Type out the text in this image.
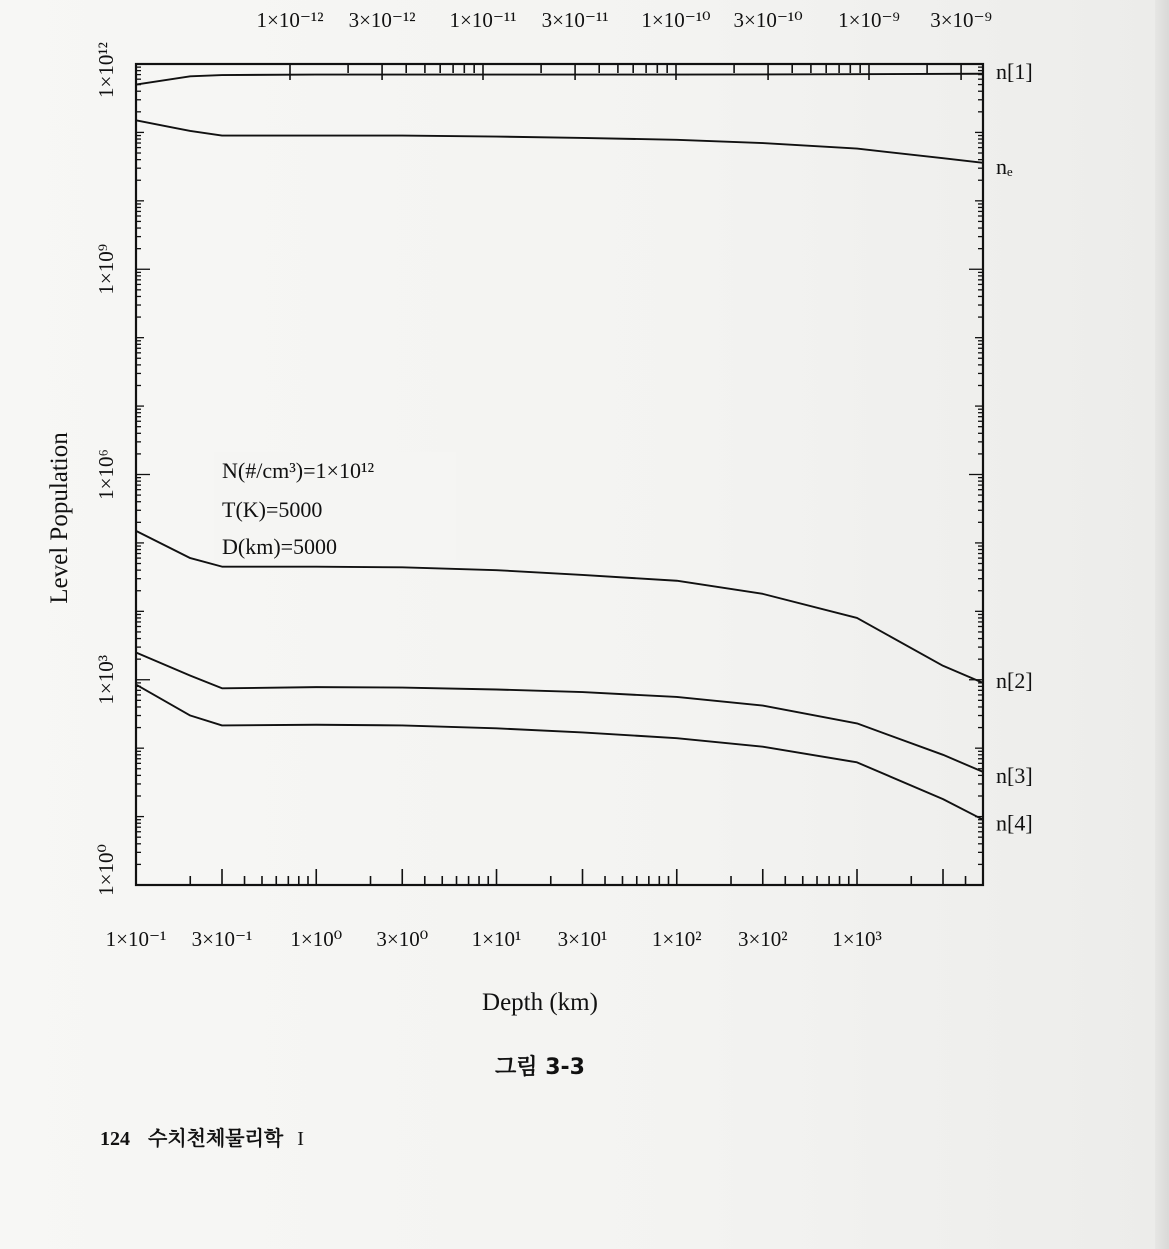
1×10⁻¹ 3×10⁻¹ 1×10⁰ 3×10⁰ 1×10¹ 3×10¹ 1×10² 3×10² 1×10³
1×10⁻¹² 3×10⁻¹² 1×10⁻¹¹ 3×10⁻¹¹ 1×10⁻¹⁰ 3×10⁻¹⁰ 1×10⁻⁹ 3×10⁻⁹
1×10⁰
1×10³
1×10⁶
1×10⁹
1×10¹²	n[1]
nₑ
n[2]
n[3]
n[4]
Level Population
Depth (km)
N(#/cm³)=1×10¹²
T(K)=5000
D(km)=5000
그림 3-3
124 수치천체물리학 I
